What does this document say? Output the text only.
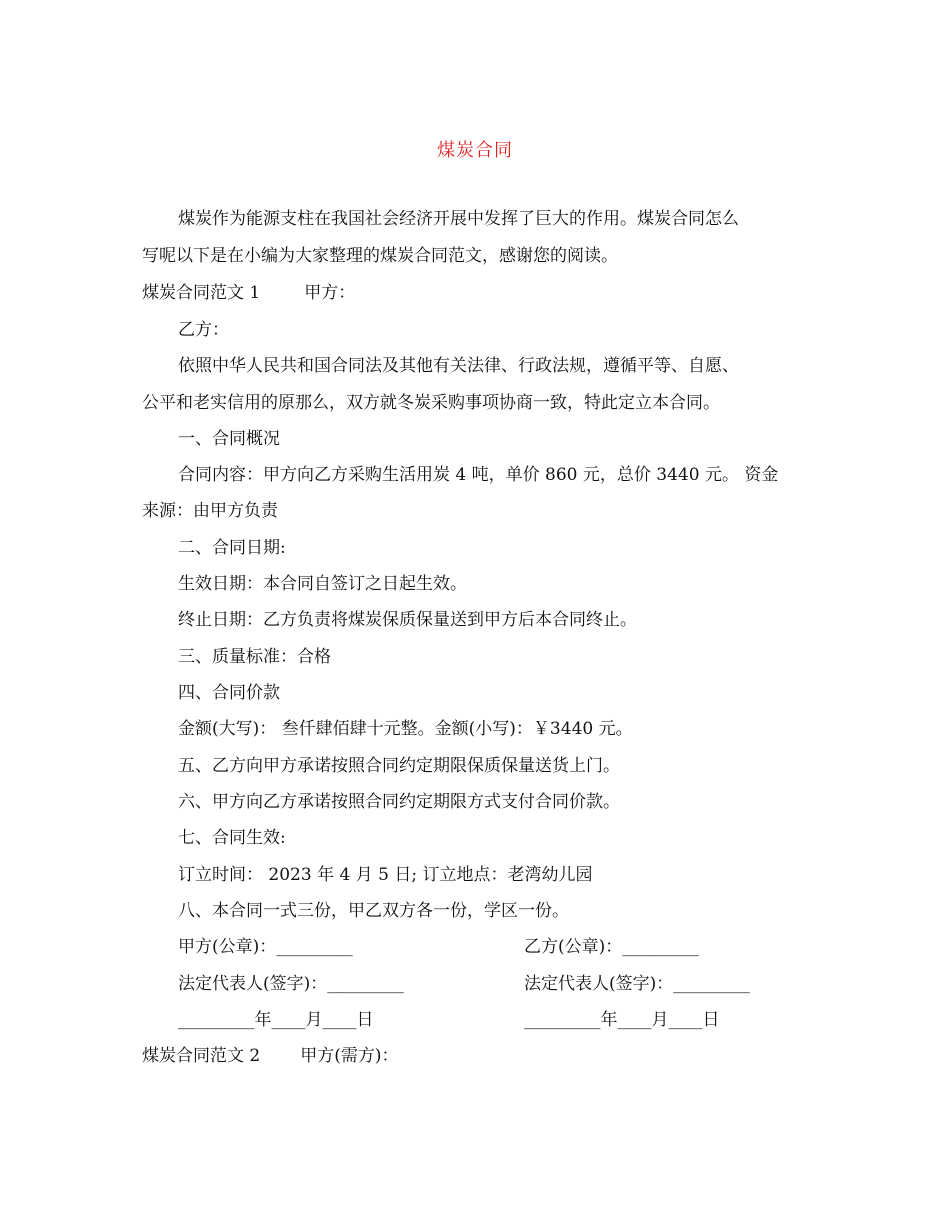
煤炭合同
煤炭作为能源支柱在我国社会经济开展中发挥了巨大的作用。煤炭合同怎么
写呢以下是在小编为大家整理的煤炭合同范文，感谢您的阅读。
煤炭合同范文 1	甲方：
乙方：
依照中华人民共和国合同法及其他有关法律、行政法规，遵循平等、自愿、
公平和老实信用的原那么，双方就冬炭采购事项协商一致，特此定立本合同。
一、合同概况
合同内容：甲方向乙方采购生活用炭 4 吨，单价 860 元，总价 3440 元。 资金
来源：由甲方负责
二、合同日期:
生效日期：本合同自签订之日起生效。
终止日期：乙方负责将煤炭保质保量送到甲方后本合同终止。
三、质量标准：合格
四、合同价款
金额(大写)： 叁仟肆佰肆十元整。金额(小写)：￥3440 元。
五、乙方向甲方承诺按照合同约定期限保质保量送货上门。
六、甲方向乙方承诺按照合同约定期限方式支付合同价款。
七、合同生效:
订立时间： 2023 年 4 月 5 日; 订立地点：老湾幼儿园
八、本合同一式三份，甲乙双方各一份，学区一份。
甲方(公章)：_________	乙方(公章)：_________
法定代表人(签字)：_________	法定代表人(签字)：_________
_________年____月____日	_________年____月____日
煤炭合同范文 2 甲方(需方)：
